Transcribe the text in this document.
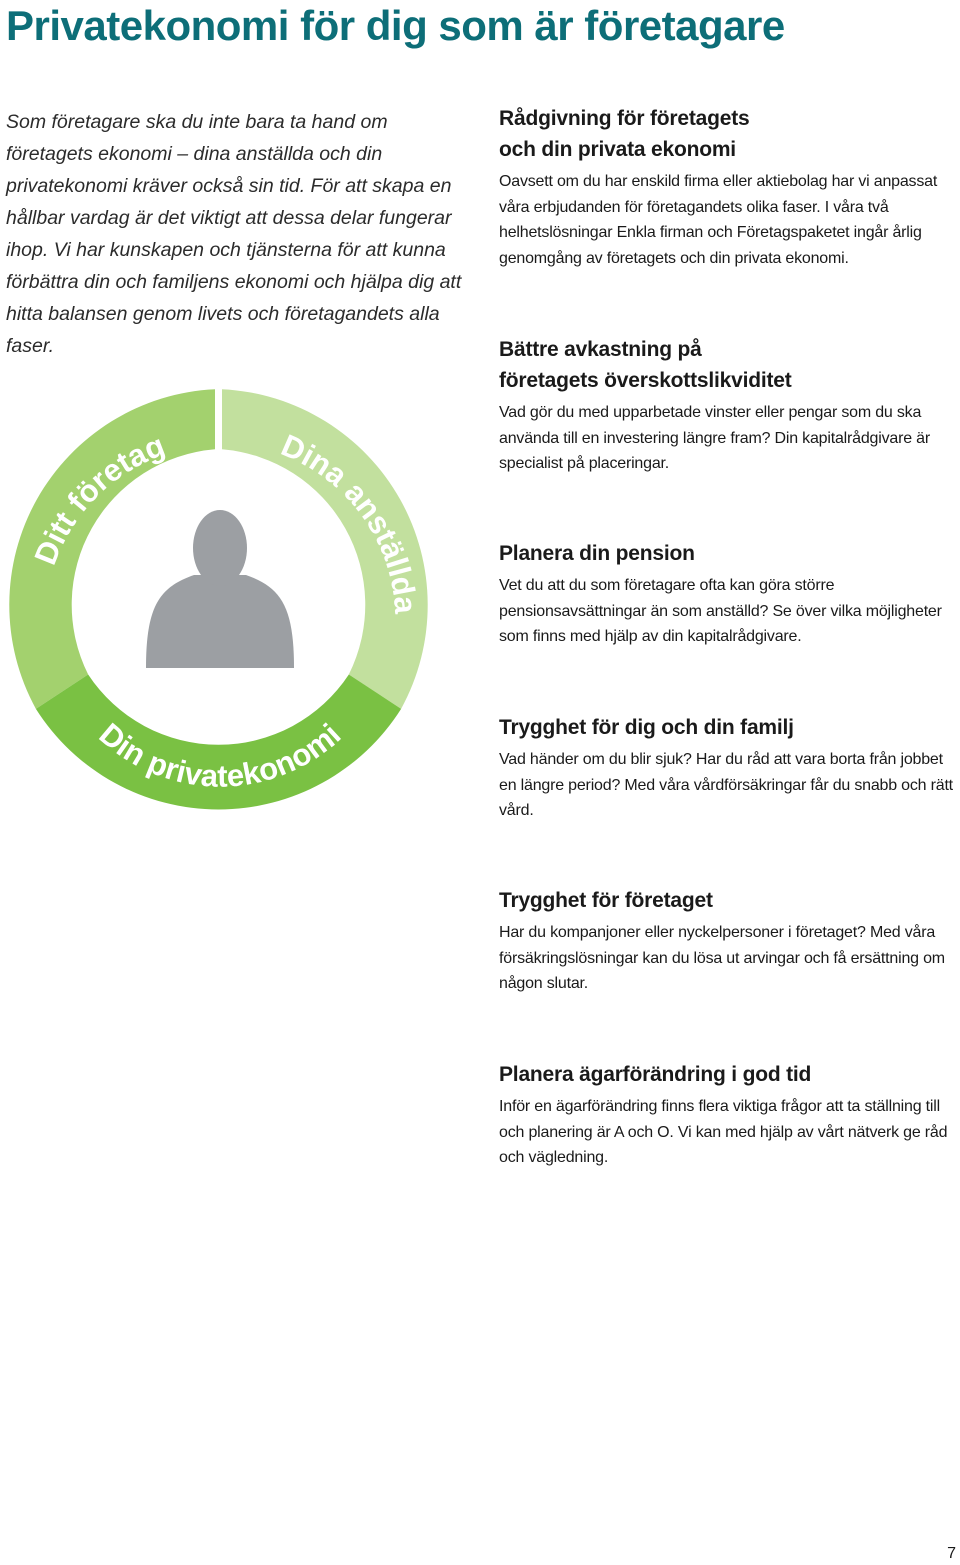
Privatekonomi för dig som är företagare

Som företagare ska du inte bara ta hand om företagets ekonomi – dina anställda och din privatekonomi kräver också sin tid. För att skapa en hållbar vardag är det viktigt att dessa delar fungerar ihop. Vi har kunskapen och tjänsterna för att kunna förbättra din och familjens ekonomi och hjälpa dig att hitta balansen genom livets och företagandets alla faser.

Ditt företag	Dina anställda
Din privatekonomi
Rådgivning för företagets
och din privata ekonomi

Oavsett om du har enskild firma eller aktiebolag har vi anpassat våra erbjudanden för företagandets olika faser. I våra två helhetslösningar Enkla firman och Företagspaketet ingår årlig genomgång av företagets och din privata ekonomi.

Bättre avkastning på
företagets överskottslikviditet

Vad gör du med upparbetade vinster eller pengar som du ska använda till en investering längre fram? Din kapitalrådgivare är specialist på placeringar.

Planera din pension

Vet du att du som företagare ofta kan göra större pensionsavsättningar än som anställd? Se över vilka möjligheter som finns med hjälp av din kapitalrådgivare.

Trygghet för dig och din familj

Vad händer om du blir sjuk? Har du råd att vara borta från jobbet en längre period? Med våra vårdförsäkringar får du snabb och rätt vård.

Trygghet för företaget

Har du kompanjoner eller nyckelpersoner i företaget? Med våra försäkringslösningar kan du lösa ut arvingar och få ersättning om någon slutar.

Planera ägarförändring i god tid

Inför en ägarförändring finns flera viktiga frågor att ta ställning till och planering är A och O. Vi kan med hjälp av vårt nätverk ge råd och vägledning.

7
